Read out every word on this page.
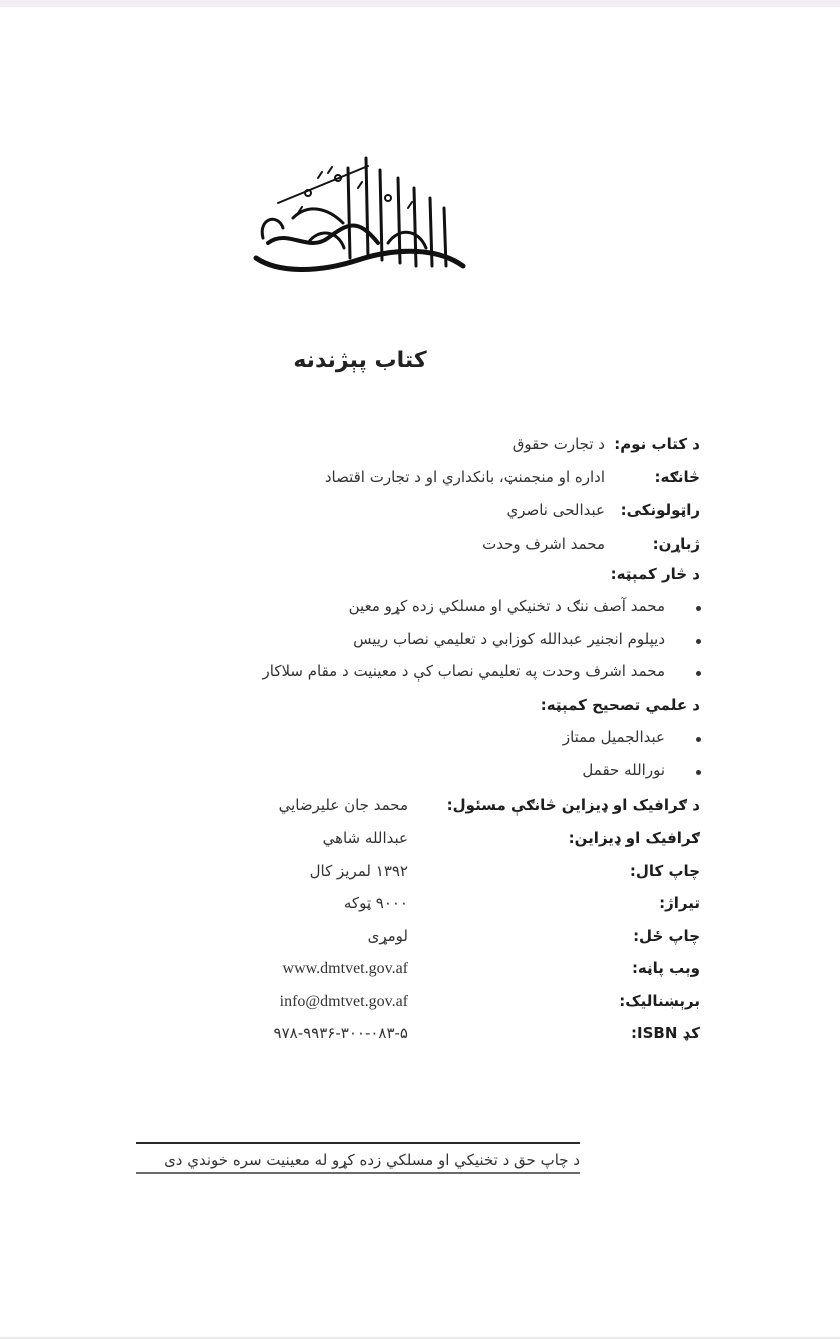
کتاب پېژندنه
د کتاب نوم:د تجارت حقوق
څانګه:اداره او منجمنټ، بانکداري او د تجارت اقتصاد
راټولونکی:عبدالحی ناصري
ژباړن:محمد اشرف وحدت
د څار کمېټه:
محمد آصف ننګ د تخنیکي او مسلکي زده کړو معین
دیپلوم انجنیر عبدالله کوزابي د تعلیمي نصاب رییس
محمد اشرف وحدت په تعلیمي نصاب کې د معینیت د مقام سلاکار
د علمي تصحیح کمېټه:
عبدالجمیل ممتاز
نورالله حقمل
د ګرافیک او ډیزاین څانګې مسئول:محمد جان علیرضایي
ګرافیک او ډیزاین:عبدالله شاهي
چاپ کال:۱۳۹۲ لمریز کال
تیراژ:۹۰۰۰ ټوکه
چاپ ځل:لومړی
وېب پاڼه:www.dmtvet.gov.af
برېښنالیک:info@dmtvet.gov.af
کډ ISBN:۹۷۸-۹۹۳۶-۳۰۰-۰۸۳-۵
د چاپ حق د تخنیکي او مسلکي زده کړو له معینیت سره خوندي دی
